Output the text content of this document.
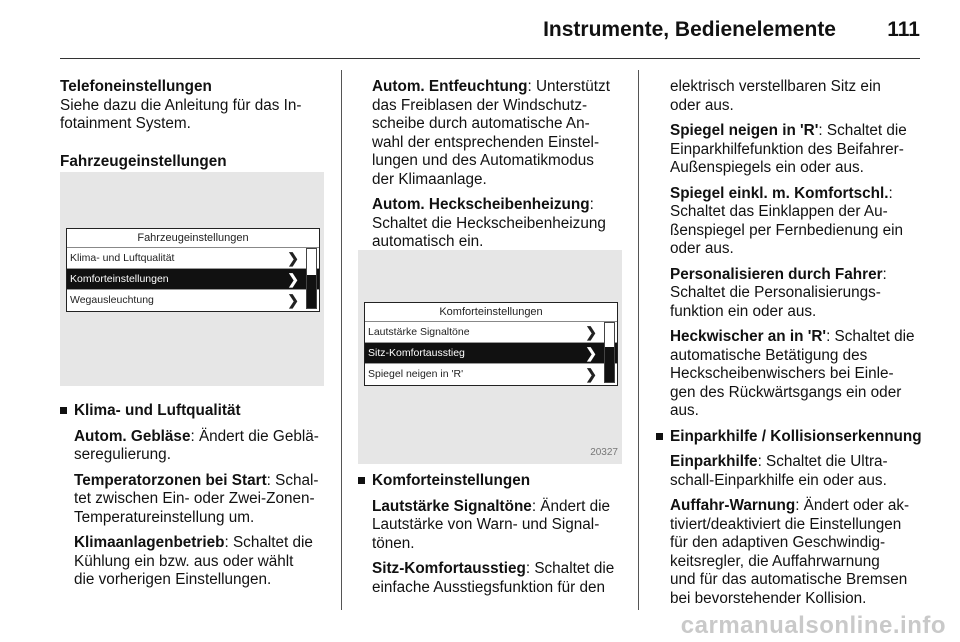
Instrumente, Bedienelemente 111
Telefoneinstellungen
Siehe dazu die Anleitung für das In-
fotainment System.
Fahrzeugeinstellungen
Fahrzeugeinstellungen
Klima- und Luftqualität	❯
Komforteinstellungen	❯
Wegausleuchtung	❯
Klima- und Luftqualität

Autom. Gebläse: Ändert die Geblä-
seregulierung.

Temperatorzonen bei Start: Schal-
tet zwischen Ein- oder Zwei-Zonen-
Temperatureinstellung um.

Klimaanlagenbetrieb: Schaltet die
Kühlung ein bzw. aus oder wählt
die vorherigen Einstellungen.

Autom. Entfeuchtung: Unterstützt
das Freiblasen der Windschutz-
scheibe durch automatische An-
wahl der entsprechenden Einstel-
lungen und des Automatikmodus
der Klimaanlage.

Autom. Heckscheibenheizung:
Schaltet die Heckscheibenheizung
automatisch ein.

Komforteinstellungen
Lautstärke Signaltöne	❯
Sitz-Komfortausstieg	❯
Spiegel neigen in 'R'	❯
20327
Komforteinstellungen

Lautstärke Signaltöne: Ändert die
Lautstärke von Warn- und Signal-
tönen.

Sitz-Komfortausstieg: Schaltet die
einfache Ausstiegsfunktion für den

elektrisch verstellbaren Sitz ein
oder aus.

Spiegel neigen in 'R': Schaltet die
Einparkhilfefunktion des Beifahrer-
Außenspiegels ein oder aus.

Spiegel einkl. m. Komfortschl.:
Schaltet das Einklappen der Au-
ßenspiegel per Fernbedienung ein
oder aus.

Personalisieren durch Fahrer:
Schaltet die Personalisierungs-
funktion ein oder aus.

Heckwischer an in 'R': Schaltet die
automatische Betätigung des
Heckscheibenwischers bei Einle-
gen des Rückwärtsgangs ein oder
aus.

Einparkhilfe / Kollisionserkennung

Einparkhilfe: Schaltet die Ultra-
schall-Einparkhilfe ein oder aus.

Auffahr-Warnung: Ändert oder ak-
tiviert/deaktiviert die Einstellungen
für den adaptiven Geschwindig-
keitsregler, die Auffahrwarnung
und für das automatische Bremsen
bei bevorstehender Kollision.

carmanualsonline.info
